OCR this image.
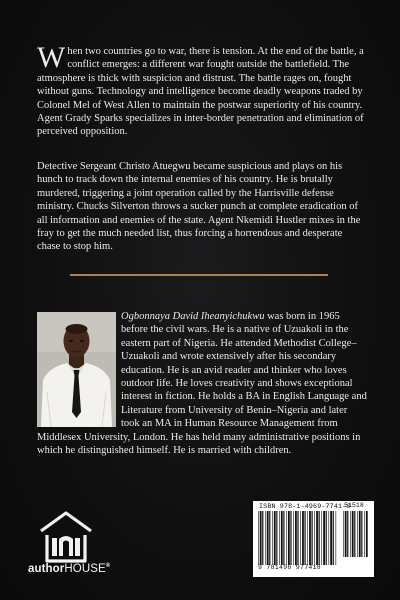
When two countries go to war, there is tension. At the end of the battle, a conflict emerges: a different war fought outside the battlefield. The atmosphere is thick with suspicion and distrust. The battle rages on, fought without guns. Technology and intelligence become deadly weapons traded by Colonel Mel of West Allen to maintain the postwar superiority of his country. Agent Grady Sparks specializes in inter-border penetration and elimination of perceived opposition.

Detective Sergeant Christo Atuegwu became suspicious and plays on his hunch to track down the internal enemies of his country. He is brutally murdered, triggering a joint operation called by the Harrisville defense ministry. Chucks Silverton throws a sucker punch at complete eradication of all information and enemies of the state. Agent Nkemidi Hustler mixes in the fray to get the much needed list, thus forcing a horrendous and desperate chase to stop him.

Ogbonnaya David Iheanyichukwu was born in 1965 before the civil wars. He is a native of Uzuakoli in the eastern part of Nigeria. He attended Methodist College–Uzuakoli and wrote extensively after his secondary education. He is an avid reader and thinker who loves outdoor life. He loves creativity and shows exceptional interest in fiction. He holds a BA in English Language and Literature from University of Benin–Nigeria and later took an MA in Human Resource Management from Middlesex University, London. He has held many administrative positions in which he distinguished himself. He is married with children.

authorHOUSE®
ISBN 978-1-4969-7741-8
51518
9 781496 977418
